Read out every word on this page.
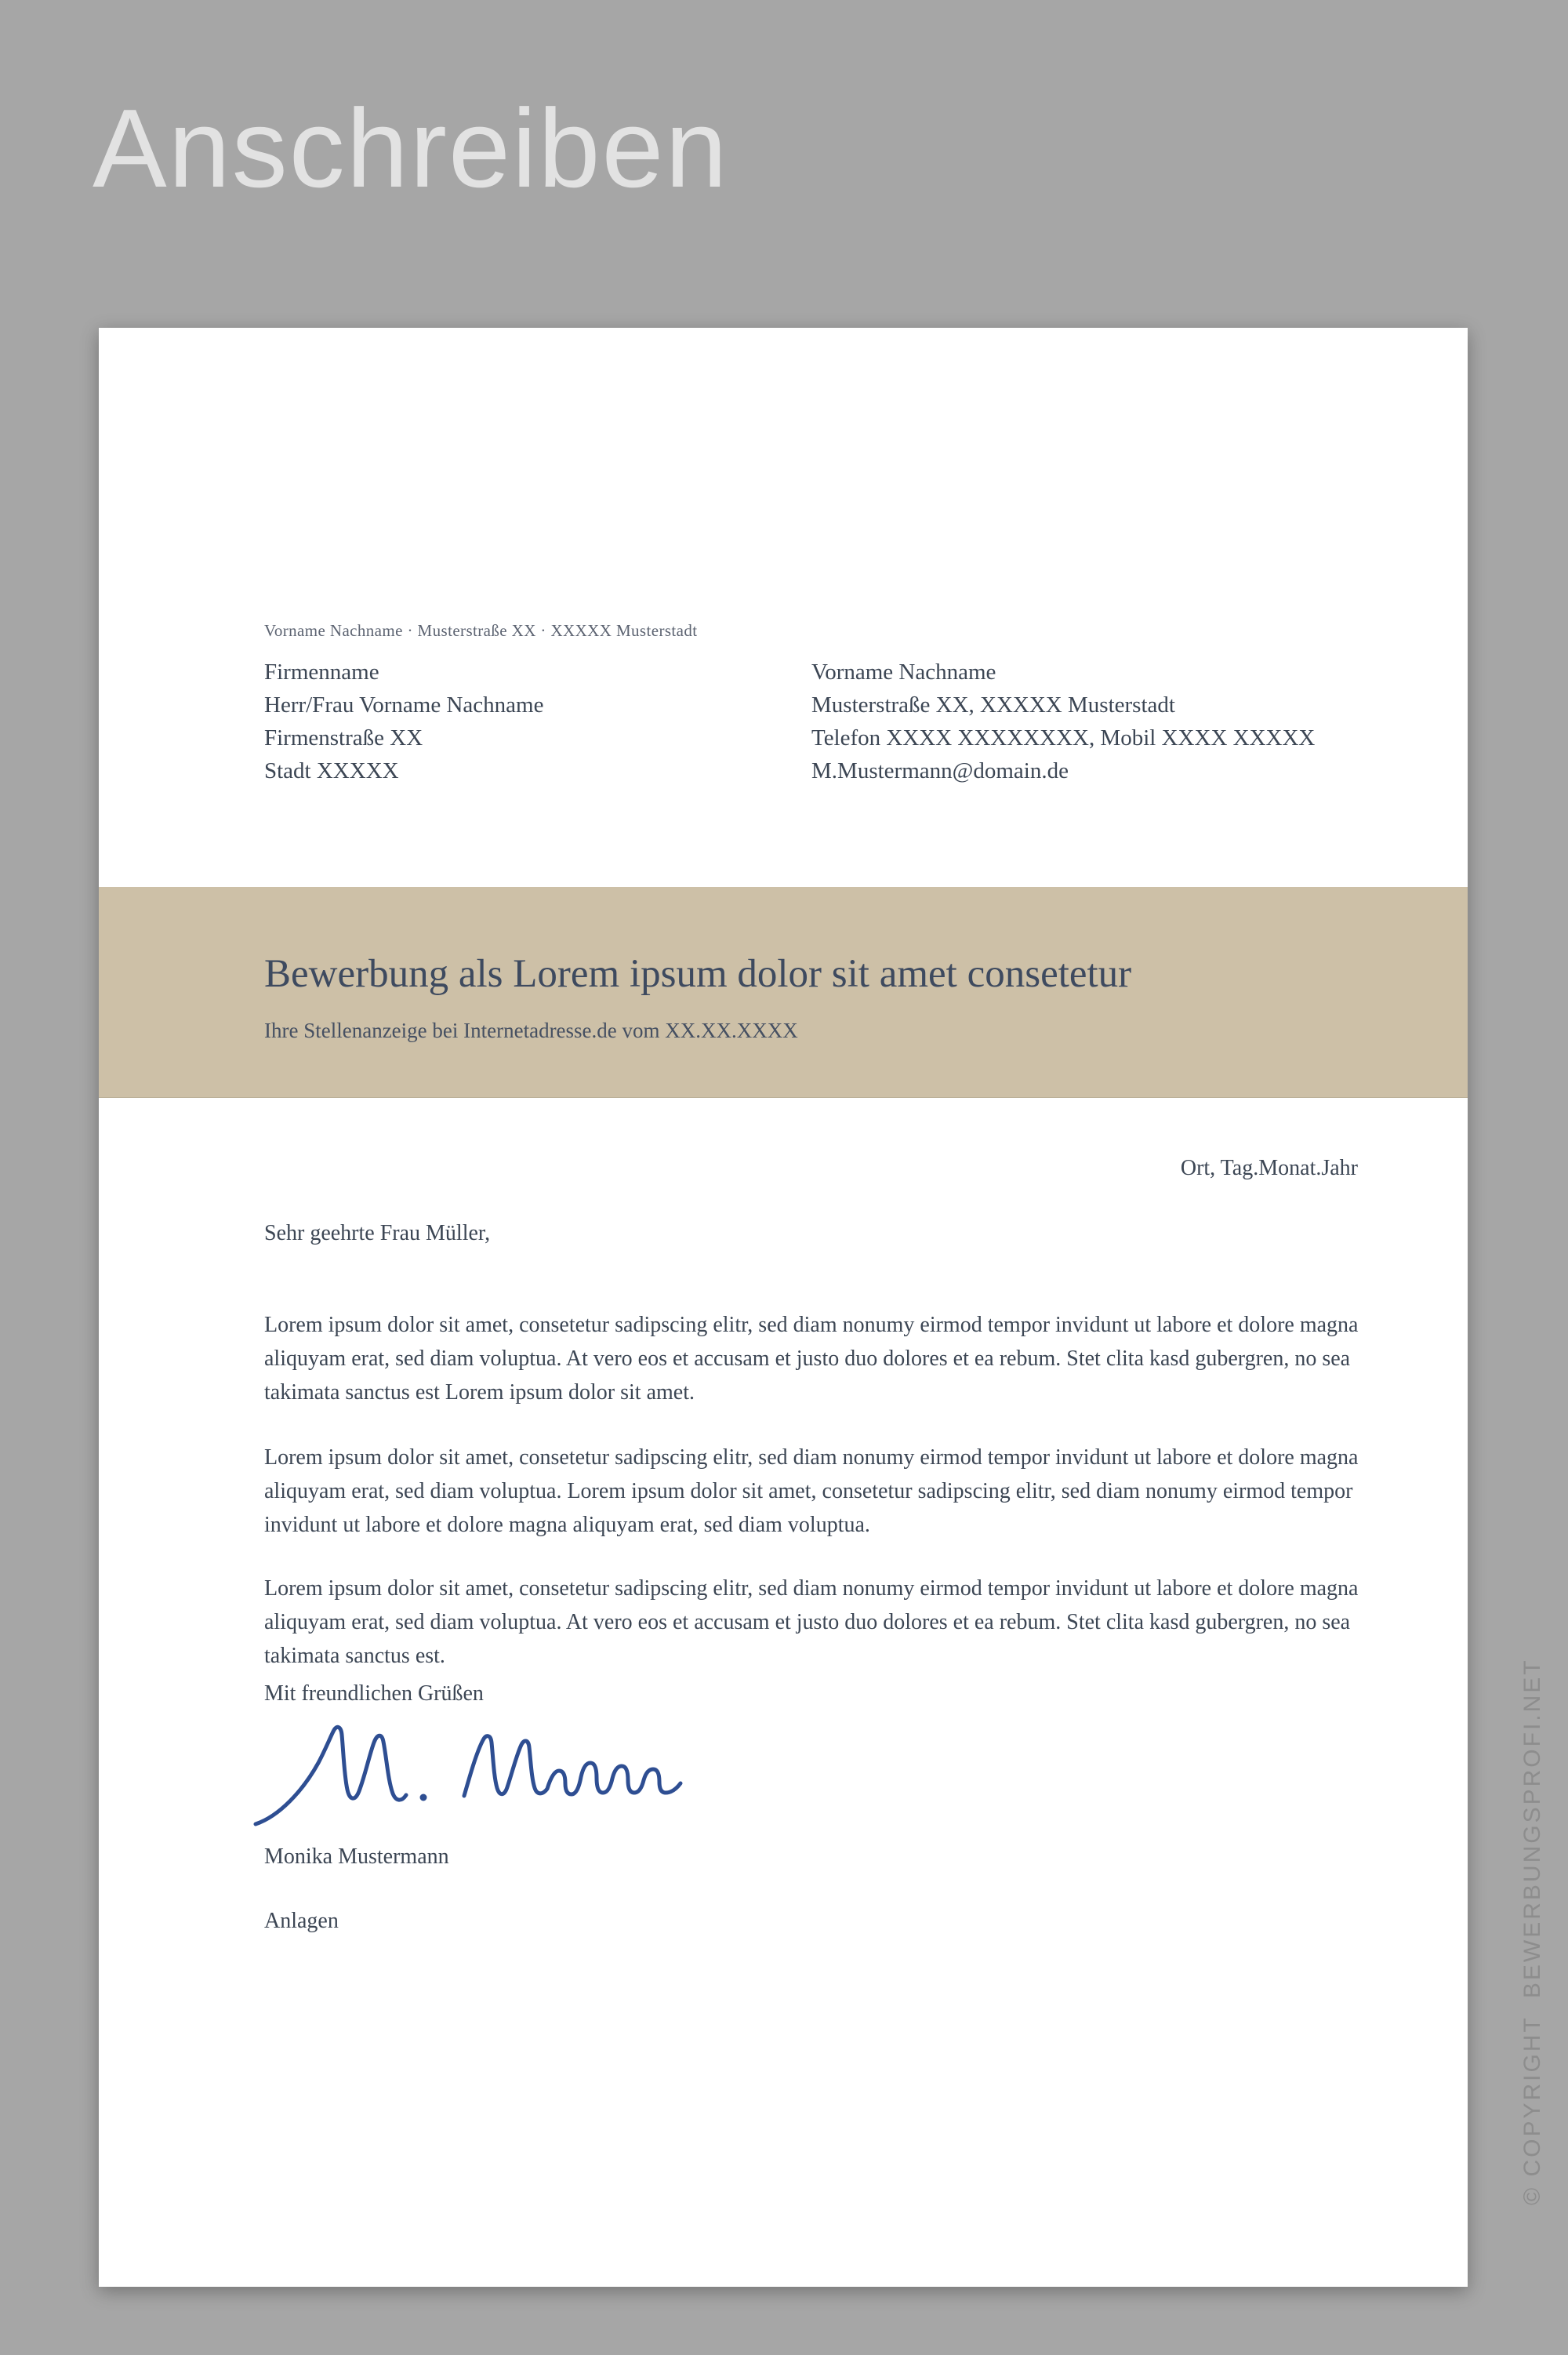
Anschreiben
Vorname Nachname · Musterstraße XX · XXXXX Musterstadt
Firmenname
Herr/Frau Vorname Nachname
Firmenstraße XX
Stadt XXXXX
Vorname Nachname
Musterstraße XX, XXXXX Musterstadt
Telefon XXXX XXXXXXXX, Mobil XXXX XXXXX
M.Mustermann@domain.de
Bewerbung als Lorem ipsum dolor sit amet consetetur
Ihre Stellenanzeige bei Internetadresse.de vom XX.XX.XXXX
Ort, Tag.Monat.Jahr
Sehr geehrte Frau Müller,

Lorem ipsum dolor sit amet, consetetur sadipscing elitr, sed diam nonumy eirmod tempor invidunt ut labore et dolore magna aliquyam erat, sed diam voluptua. At vero eos et accusam et justo duo dolores et ea rebum. Stet clita kasd gubergren, no sea takimata sanctus est Lorem ipsum dolor sit amet.

Lorem ipsum dolor sit amet, consetetur sadipscing elitr, sed diam nonumy eirmod tempor invidunt ut labore et dolore magna aliquyam erat, sed diam voluptua. Lorem ipsum dolor sit amet, consetetur sadipscing elitr, sed diam nonumy eirmod tempor invidunt ut labore et dolore magna aliquyam erat, sed diam voluptua.

Lorem ipsum dolor sit amet, consetetur sadipscing elitr, sed diam nonumy eirmod tempor invidunt ut labore et dolore magna aliquyam erat, sed diam voluptua. At vero eos et accusam et justo duo dolores et ea rebum. Stet clita kasd gubergren, no sea takimata sanctus est.

Mit freundlichen Grüßen
Monika Mustermann
Anlagen	© COPYRIGHT  BEWERBUNGSPROFI.NET
